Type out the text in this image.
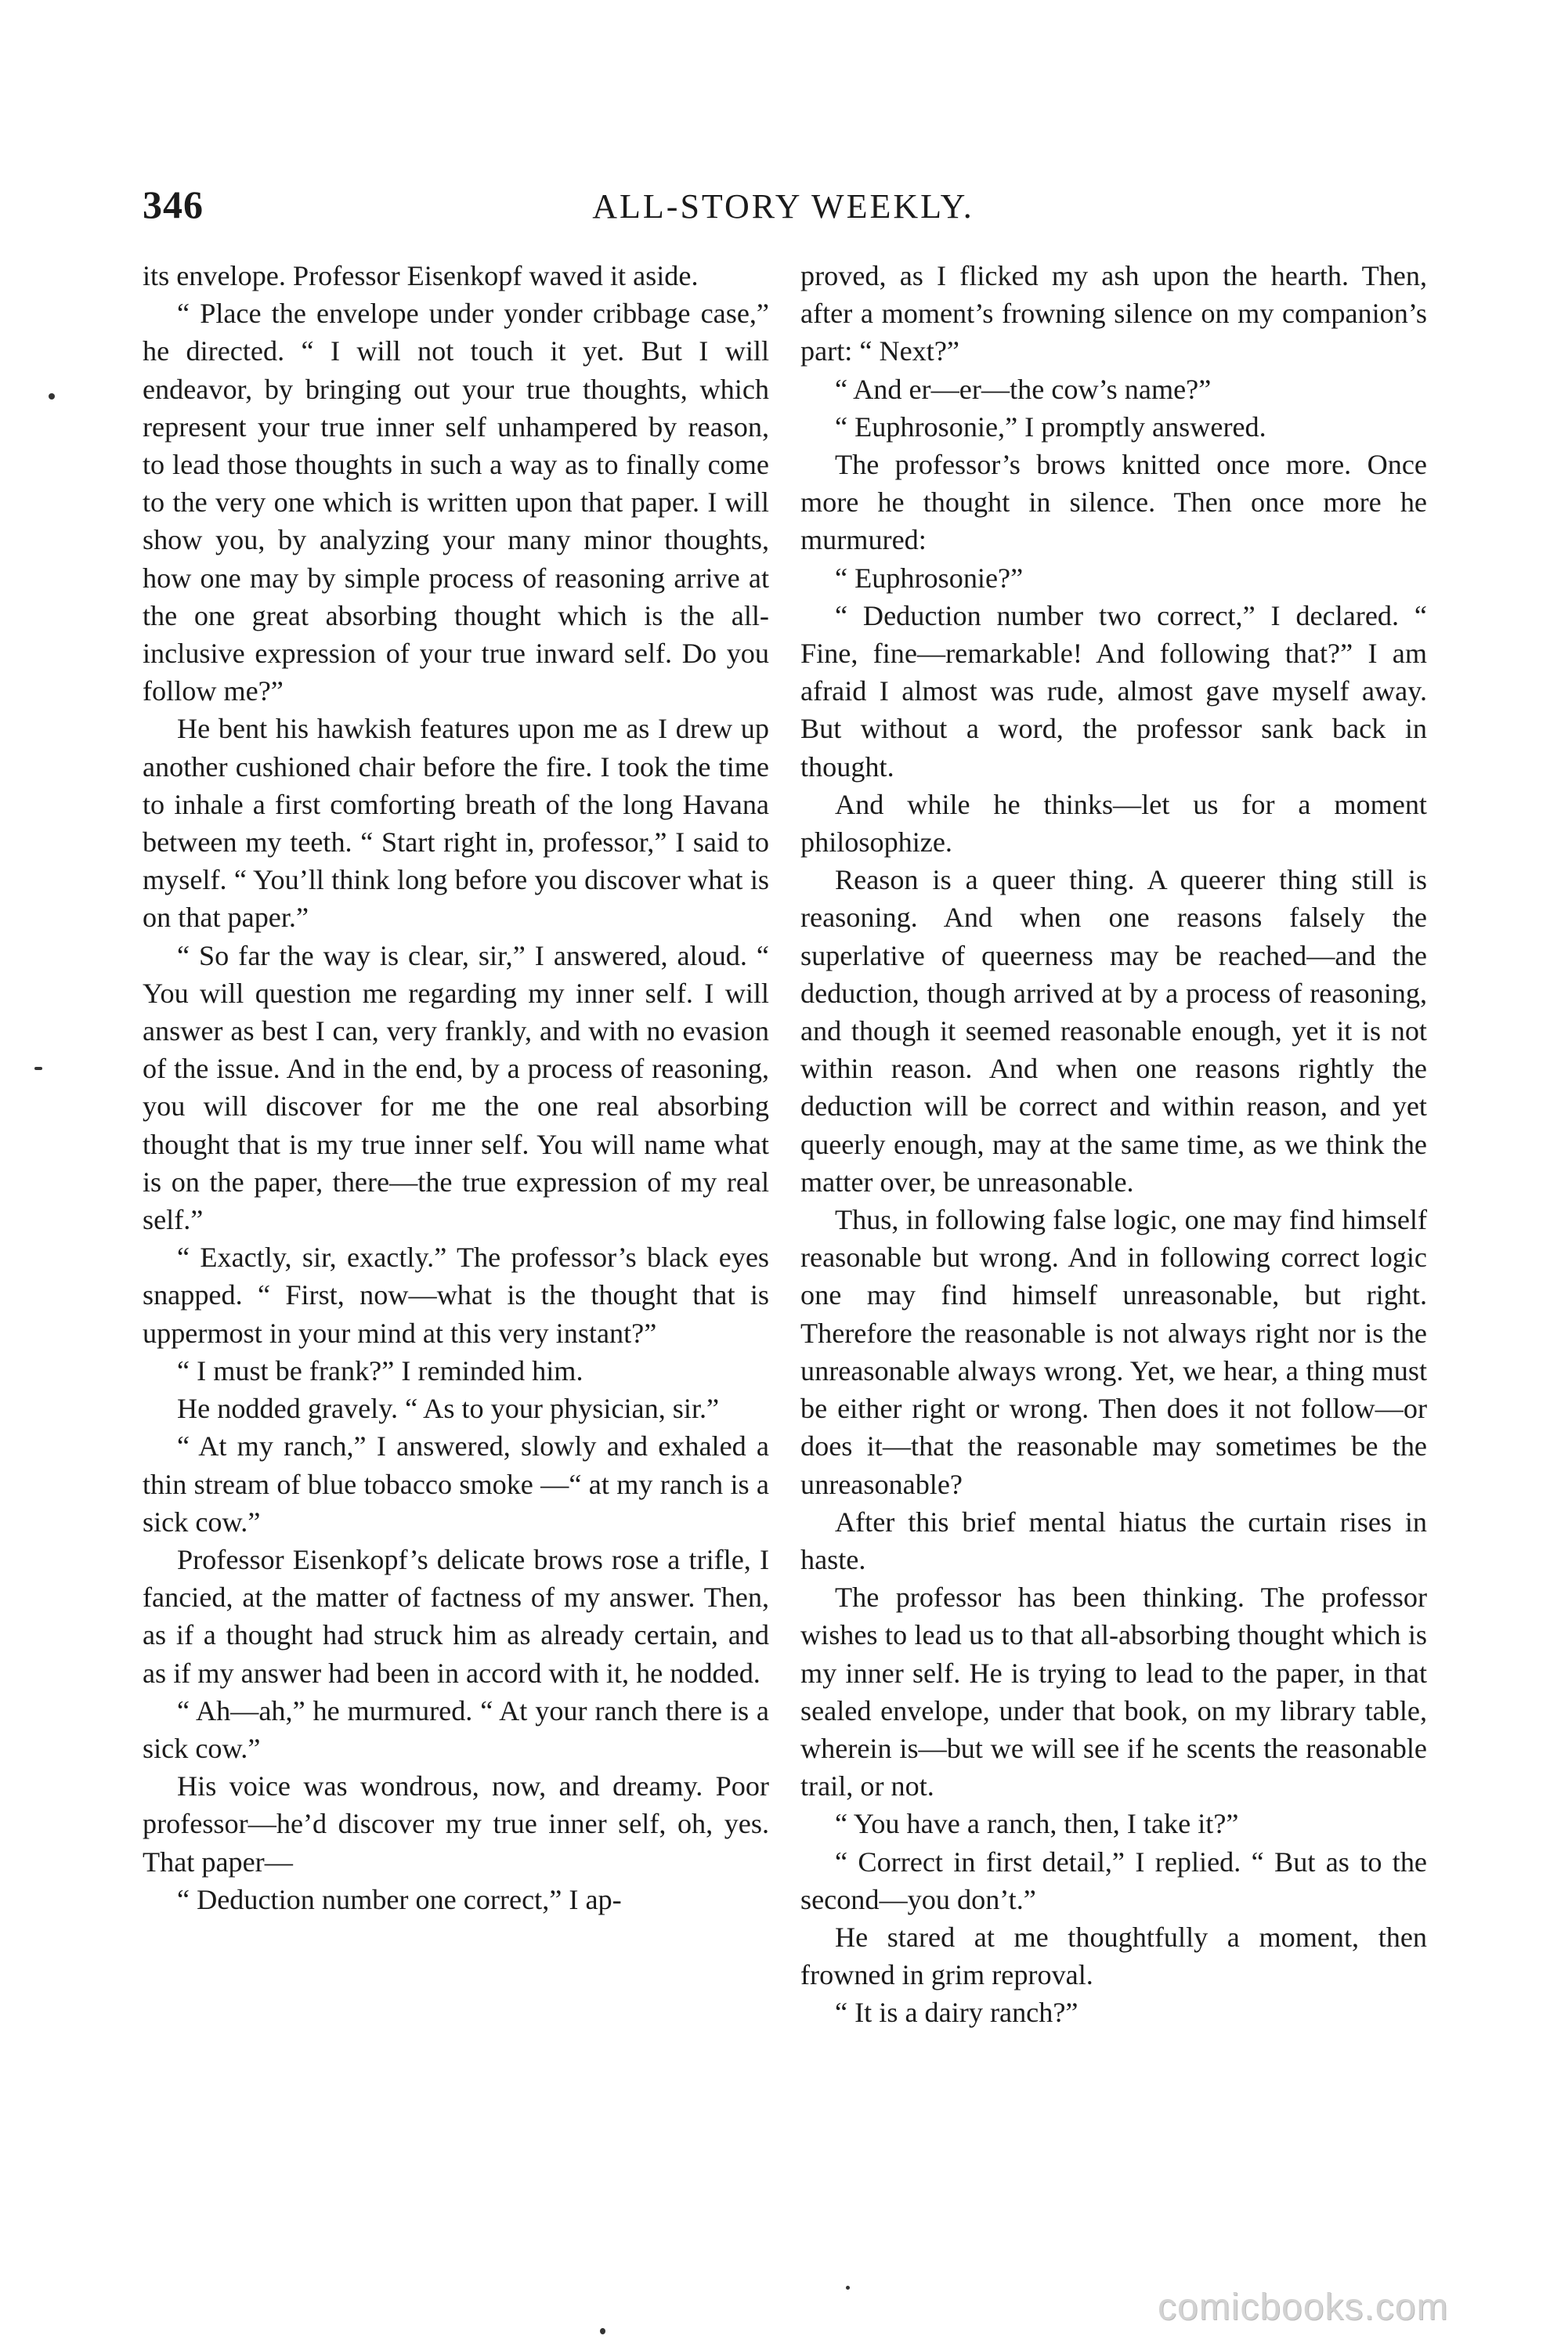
346	ALL-STORY WEEKLY.

its envelope. Professor Eisenkopf waved it aside.

“ Place the envelope under yonder cribbage case,” he directed. “ I will not touch it yet. But I will endeavor, by bringing out your true thoughts, which represent your true inner self unhampered by reason, to lead those thoughts in such a way as to finally come to the very one which is written upon that paper. I will show you, by analyzing your many minor thoughts, how one may by simple process of reasoning arrive at the one great absorbing thought which is the all-inclusive expression of your true inward self. Do you follow me?”

He bent his hawkish features upon me as I drew up another cushioned chair before the fire. I took the time to inhale a first comforting breath of the long Havana between my teeth. “ Start right in, professor,” I said to myself. “ You’ll think long before you discover what is on that paper.”

“ So far the way is clear, sir,” I answered, aloud. “ You will question me regarding my inner self. I will answer as best I can, very frankly, and with no evasion of the issue. And in the end, by a process of reasoning, you will discover for me the one real absorbing thought that is my true inner self. You will name what is on the paper, there—the true expression of my real self.”

“ Exactly, sir, exactly.” The professor’s black eyes snapped. “ First, now—what is the thought that is uppermost in your mind at this very instant?”

“ I must be frank?” I reminded him.

He nodded gravely. “ As to your physician, sir.”

“ At my ranch,” I answered, slowly and exhaled a thin stream of blue tobacco smoke —“ at my ranch is a sick cow.”

Professor Eisenkopf’s delicate brows rose a trifle, I fancied, at the matter of factness of my answer. Then, as if a thought had struck him as already certain, and as if my answer had been in accord with it, he nodded.

“ Ah—ah,” he murmured. “ At your ranch there is a sick cow.”

His voice was wondrous, now, and dreamy. Poor professor—he’d discover my true inner self, oh, yes. That paper—

“ Deduction number one correct,” I ap-

proved, as I flicked my ash upon the hearth. Then, after a moment’s frowning silence on my companion’s part: “ Next?”

“ And er—er—the cow’s name?”

“ Euphrosonie,” I promptly answered.

The professor’s brows knitted once more. Once more he thought in silence. Then once more he murmured:

“ Euphrosonie?”

“ Deduction number two correct,” I declared. “ Fine, fine—remarkable! And following that?” I am afraid I almost was rude, almost gave myself away. But without a word, the professor sank back in thought.

And while he thinks—let us for a moment philosophize.

Reason is a queer thing. A queerer thing still is reasoning. And when one reasons falsely the superlative of queerness may be reached—and the deduction, though arrived at by a process of reasoning, and though it seemed reasonable enough, yet it is not within reason. And when one reasons rightly the deduction will be correct and within reason, and yet queerly enough, may at the same time, as we think the matter over, be unreasonable.

Thus, in following false logic, one may find himself reasonable but wrong. And in following correct logic one may find himself unreasonable, but right. Therefore the reasonable is not always right nor is the unreasonable always wrong. Yet, we hear, a thing must be either right or wrong. Then does it not follow—or does it—that the reasonable may sometimes be the unreasonable?

After this brief mental hiatus the curtain rises in haste.

The professor has been thinking. The professor wishes to lead us to that all-absorbing thought which is my inner self. He is trying to lead to the paper, in that sealed envelope, under that book, on my library table, wherein is—but we will see if he scents the reasonable trail, or not.

“ You have a ranch, then, I take it?”

“ Correct in first detail,” I replied. “ But as to the second—you don’t.”

He stared at me thoughtfully a moment, then frowned in grim reproval.

“ It is a dairy ranch?”

comicbooks.com
